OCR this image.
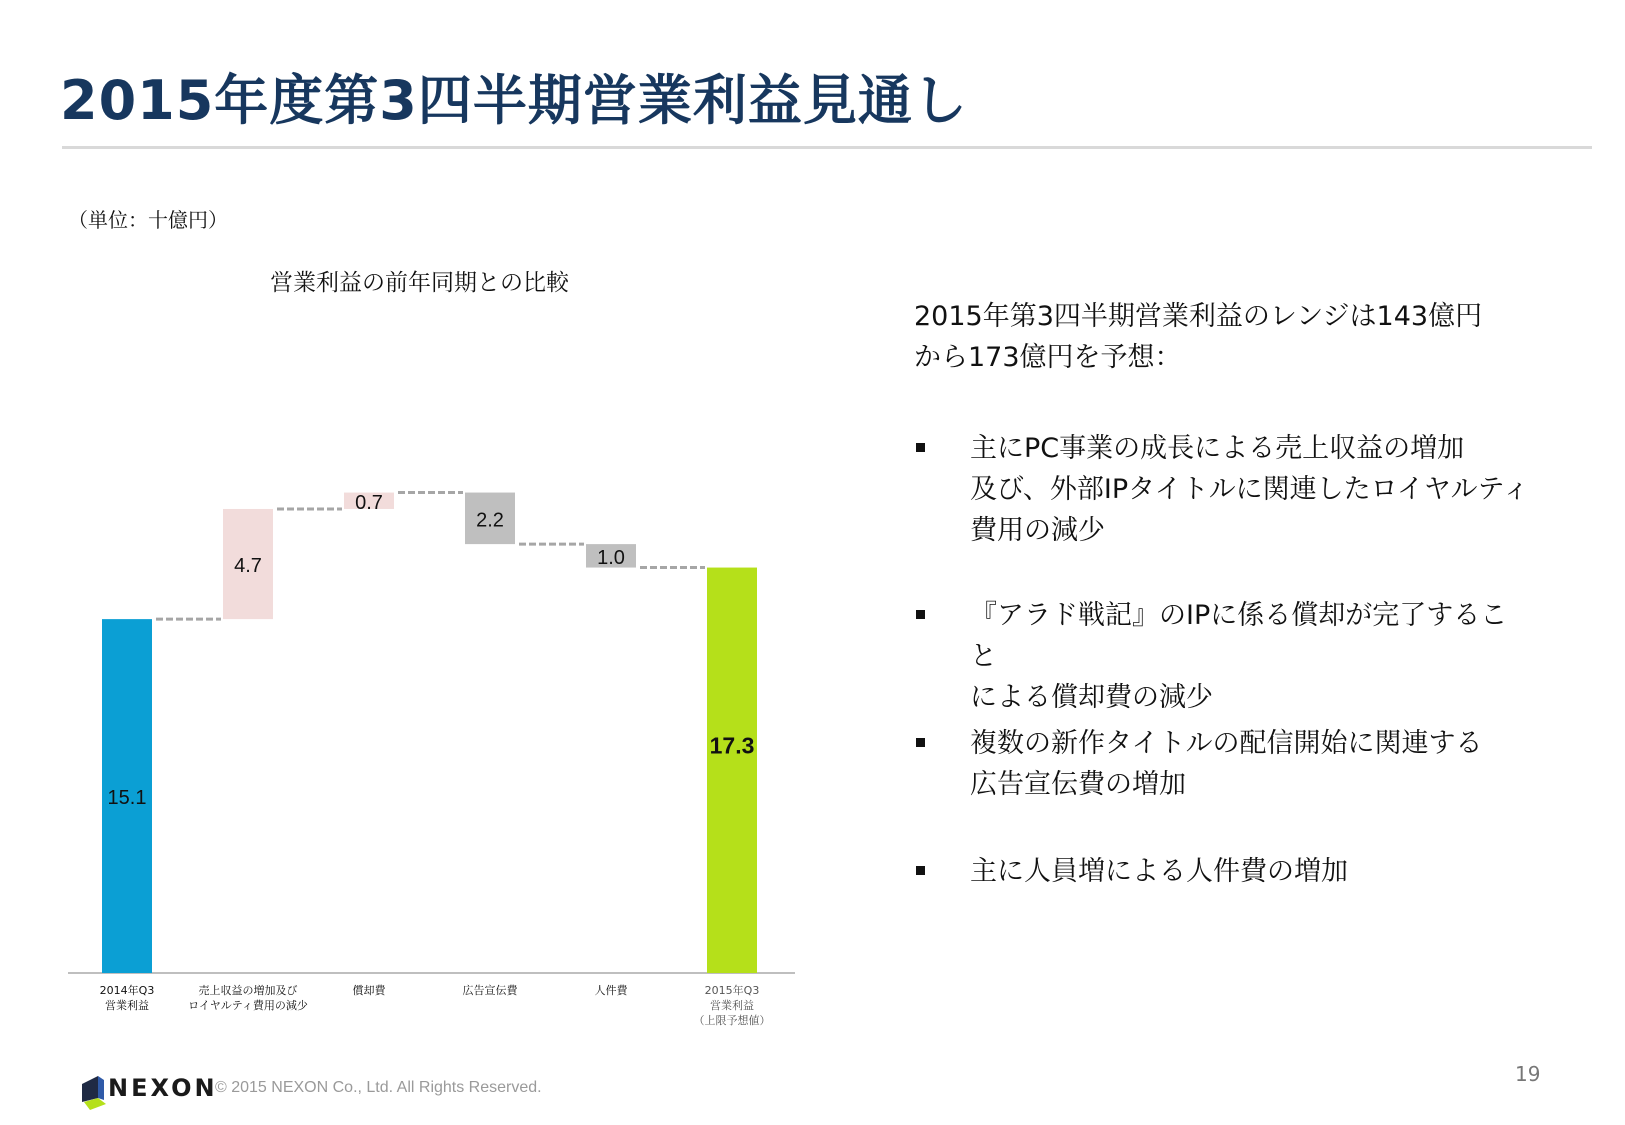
2015年度第3四半期営業利益見通し
（単位：十億円）
営業利益の前年同期との比較
15.1
4.7
0.7
2.2
1.0
17.3
2014年Q3
営業利益
売上収益の増加及び
ロイヤルティ費用の減少
償却費	広告宣伝費	人件費	2015年Q3
営業利益
（上限予想値）
2015年第3四半期営業利益のレンジは143億円
から173億円を予想：
主にPC事業の成長による売上収益の増加
及び、外部IPタイトルに関連したロイヤルティ
費用の減少
『アラド戦記』のIPに係る償却が完了すること
による償却費の減少
複数の新作タイトルの配信開始に関連する
広告宣伝費の増加
主に人員増による人件費の増加
19
NEXON
© 2015 NEXON Co., Ltd. All Rights Reserved.
